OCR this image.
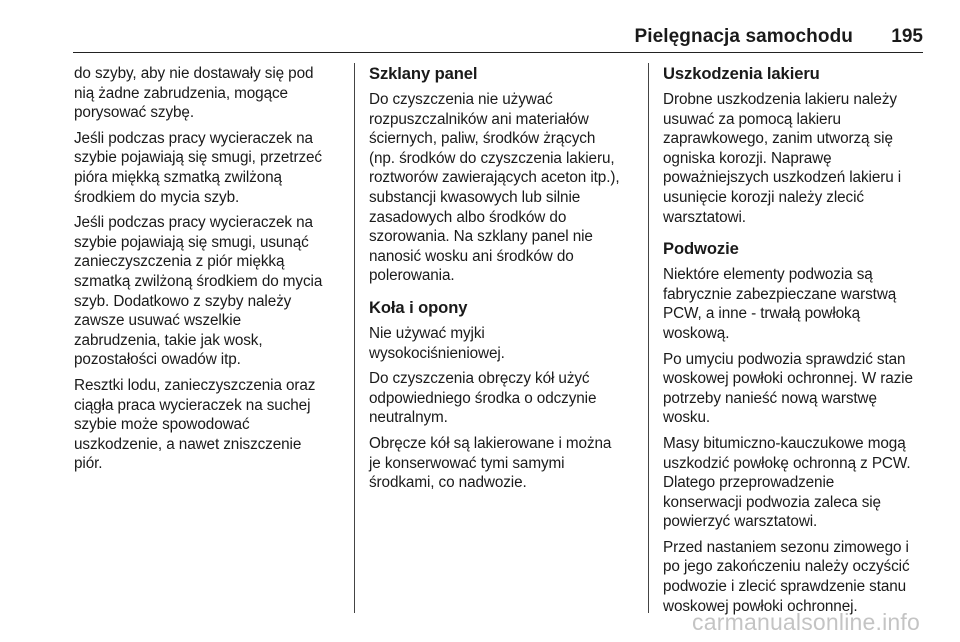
Pielęgnacja samochodu 195

do szyby, aby nie dostawały się pod
nią żadne zabrudzenia, mogące
porysować szybę.

Jeśli podczas pracy wycieraczek na
szybie pojawiają się smugi, przetrzeć
pióra miękką szmatką zwilżoną
środkiem do mycia szyb.

Jeśli podczas pracy wycieraczek na
szybie pojawiają się smugi, usunąć
zanieczyszczenia z piór miękką
szmatką zwilżoną środkiem do mycia
szyb. Dodatkowo z szyby należy
zawsze usuwać wszelkie
zabrudzenia, takie jak wosk,
pozostałości owadów itp.

Resztki lodu, zanieczyszczenia oraz
ciągła praca wycieraczek na suchej
szybie może spowodować
uszkodzenie, a nawet zniszczenie
piór.

Szklany panel

Do czyszczenia nie używać
rozpuszczalników ani materiałów
ściernych, paliw, środków żrących
(np. środków do czyszczenia lakieru,
roztworów zawierających aceton itp.),
substancji kwasowych lub silnie
zasadowych albo środków do
szorowania. Na szklany panel nie
nanosić wosku ani środków do
polerowania.

Koła i opony

Nie używać myjki
wysokociśnieniowej.

Do czyszczenia obręczy kół użyć
odpowiedniego środka o odczynie
neutralnym.

Obręcze kół są lakierowane i można
je konserwować tymi samymi
środkami, co nadwozie.

Uszkodzenia lakieru

Drobne uszkodzenia lakieru należy
usuwać za pomocą lakieru
zaprawkowego, zanim utworzą się
ogniska korozji. Naprawę
poważniejszych uszkodzeń lakieru i
usunięcie korozji należy zlecić
warsztatowi.

Podwozie

Niektóre elementy podwozia są
fabrycznie zabezpieczane warstwą
PCW, a inne - trwałą powłoką
woskową.

Po umyciu podwozia sprawdzić stan
woskowej powłoki ochronnej. W razie
potrzeby nanieść nową warstwę
wosku.

Masy bitumiczno-kauczukowe mogą
uszkodzić powłokę ochronną z PCW.
Dlatego przeprowadzenie
konserwacji podwozia zaleca się
powierzyć warsztatowi.

Przed nastaniem sezonu zimowego i
po jego zakończeniu należy oczyścić
podwozie i zlecić sprawdzenie stanu
woskowej powłoki ochronnej.

carmanualsonline.info
